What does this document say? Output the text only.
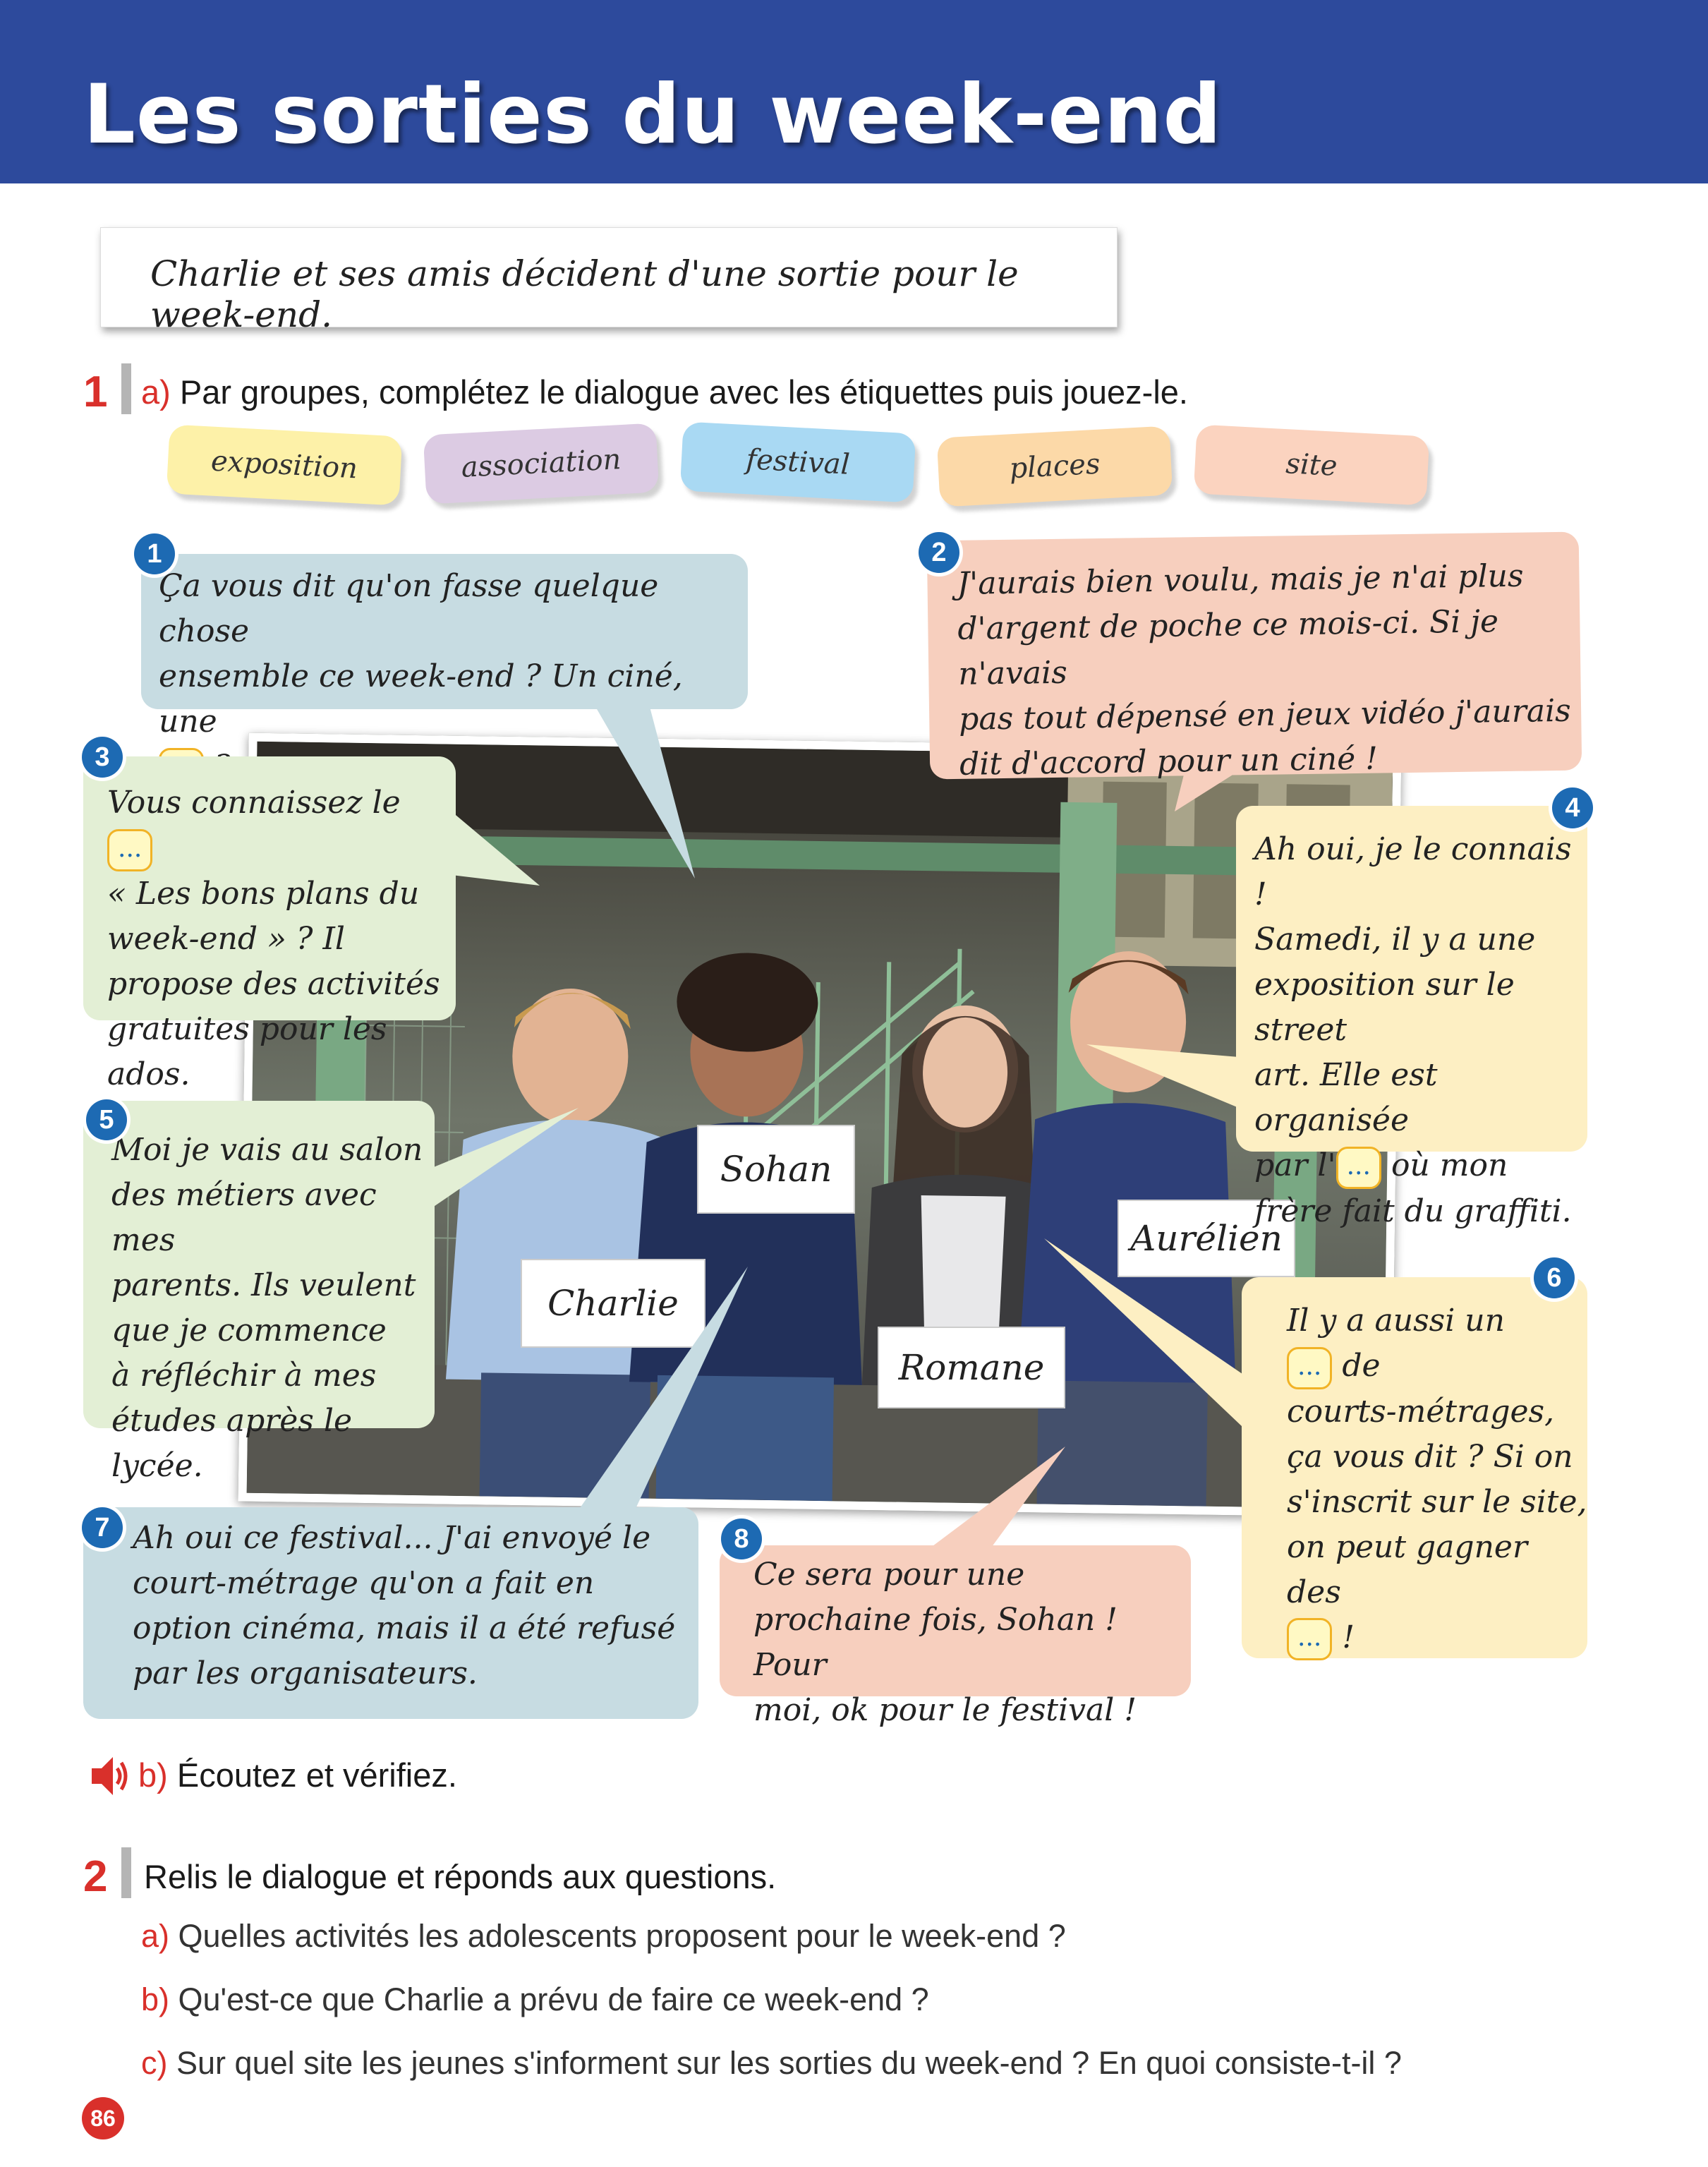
Les sorties du week-end
Charlie et ses amis décident d'une sortie pour le week-end.
1 a) Par groupes, complétez le dialogue avec les étiquettes puis jouez-le.
exposition	association	festival	places	site
Sohan
Charlie
Romane
Aurélien
Ça vous dit qu'on fasse quelque chose
ensemble ce week-end ? Un ciné, une
1
J'aurais bien voulu, mais je n'ai plus
d'argent de poche ce mois-ci. Si je n'avais
pas tout dépensé en jeux vidéo j'aurais
dit d'accord pour un ciné !
2
Vous connaissez le ...
« Les bons plans du
week-end » ? Il
propose des activités
gratuites pour les ados.
3
Ah oui, je le connais !
Samedi, il y a une
exposition sur le street
art. Elle est organisée
par l' ... où mon
frère fait du graffiti.
4
Moi je vais au salon
des métiers avec mes
parents. Ils veulent
que je commence
à réfléchir à mes
études après le lycée.
5
Il y a aussi un
... de
courts-métrages,
ça vous dit ? Si on
s'inscrit sur le site,
on peut gagner des
... !
6
Ah oui ce festival... J'ai envoyé le
court-métrage qu'on a fait en
option cinéma, mais il a été refusé
par les organisateurs.
7
Ce sera pour une
prochaine fois, Sohan ! Pour
moi, ok pour le festival !
8
b) Écoutez et vérifiez.
2 Relis le dialogue et réponds aux questions.
a) Quelles activités les adolescents proposent pour le week-end ?
b) Qu'est-ce que Charlie a prévu de faire ce week-end ?
c) Sur quel site les jeunes s'informent sur les sorties du week-end ? En quoi consiste-t-il ?
86
